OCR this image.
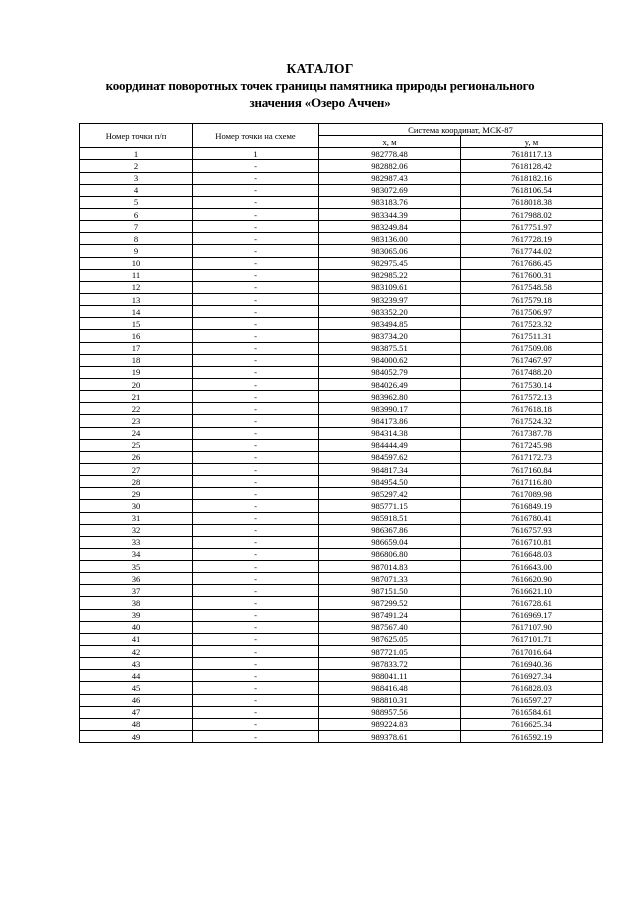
КАТАЛОГ
координат поворотных точек границы памятника природы регионального
значения «Озеро Аччен»
Номер точки п/п	Номер точки на схеме	Система координат, МСК-87	
		x, м	y, м
1	1	982778.48	7618117.13
2	-	982882.06	7618128.42
3	-	982987.43	7618182.16
4	-	983072.69	7618106.54
5	-	983183.76	7618018.38
6	-	983344.39	7617988.02
7	-	983249.84	7617751.97
8	-	983136.00	7617728.19
9	-	983065.06	7617744.02
10	-	982975.45	7617686.45
11	-	982985.22	7617600.31
12	-	983109.61	7617548.58
13	-	983239.97	7617579.18
14	-	983352.20	7617506.97
15	-	983494.85	7617523.32
16	-	983734.20	7617511.31
17	-	983875.51	7617509.08
18	-	984000.62	7617467.97
19	-	984052.79	7617488.20
20	-	984026.49	7617530.14
21	-	983962.80	7617572.13
22	-	983990.17	7617618.18
23	-	984173.86	7617524.32
24	-	984314.38	7617387.78
25	-	984444.49	7617245.98
26	-	984597.62	7617172.73
27	-	984817.34	7617160.84
28	-	984954.50	7617116.80
29	-	985297.42	7617089.98
30	-	985771.15	7616849.19
31	-	985918.51	7616780.41
32	-	986367.86	7616757.93
33	-	986659.04	7616710.81
34	-	986806.80	7616648.03
35	-	987014.83	7616643.00
36	-	987071.33	7616620.90
37	-	987151.50	7616621.10
38	-	987299.52	7616728.61
39	-	987491.24	7616969.17
40	-	987567.40	7617107.90
41	-	987625.05	7617101.71
42	-	987721.05	7617016.64
43	-	987833.72	7616940.36
44	-	988041.11	7616927.34
45	-	988416.48	7616828.03
46	-	988810.31	7616597.27
47	-	988957.56	7616584.61
48	-	989224.83	7616625.34
49	-	989378.61	7616592.19
